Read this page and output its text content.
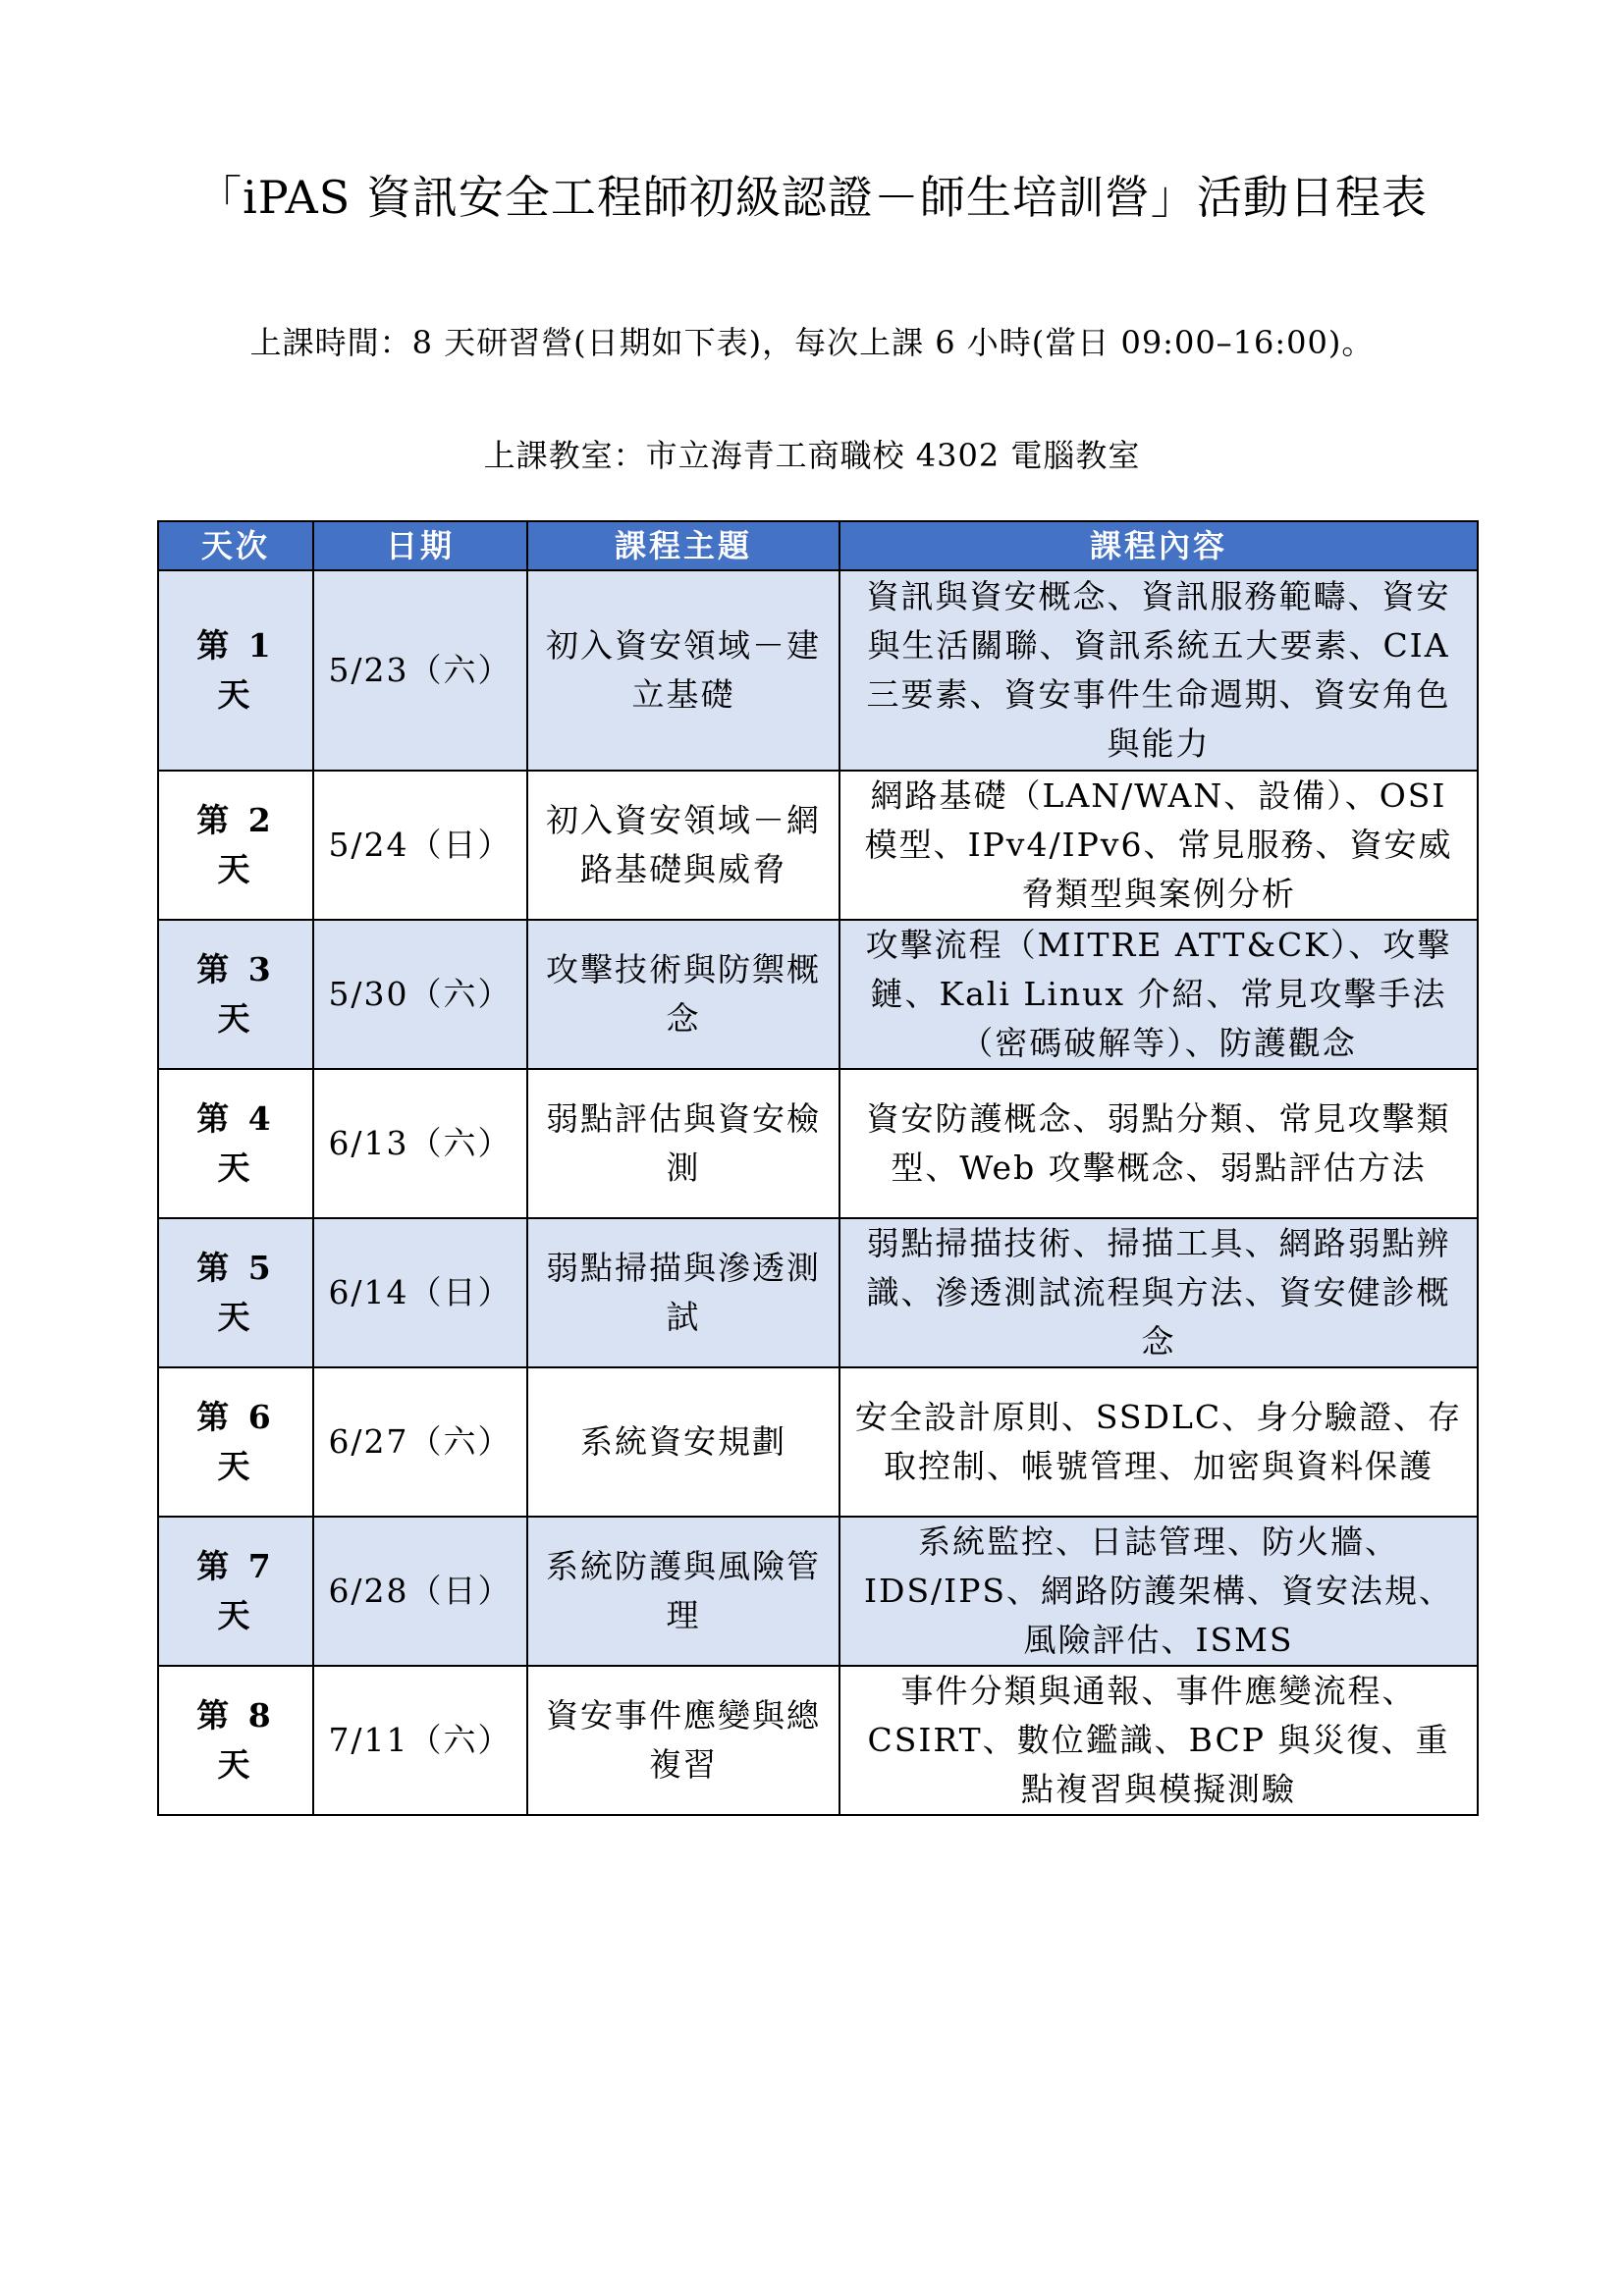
「iPAS 資訊安全工程師初級認證－師生培訓營」活動日程表
上課時間：8 天研習營(日期如下表)，每次上課 6 小時(當日 09:00–16:00)。
上課教室：市立海青工商職校 4302 電腦教室
天次	日期	課程主題	課程內容
第 1 天	5/23（六）	初入資安領域－建立基礎	資訊與資安概念、資訊服務範疇、資安與生活關聯、資訊系統五大要素、CIA 三要素、資安事件生命週期、資安角色與能力
第 2 天	5/24（日）	初入資安領域－網路基礎與威脅	網路基礎（LAN/WAN、設備）、OSI 模型、IPv4/IPv6、常見服務、資安威脅類型與案例分析
第 3 天	5/30（六）	攻擊技術與防禦概念	攻擊流程（MITRE ATT&CK）、攻擊鏈、Kali Linux 介紹、常見攻擊手法（密碼破解等）、防護觀念
第 4 天	6/13（六）	弱點評估與資安檢測	資安防護概念、弱點分類、常見攻擊類型、Web 攻擊概念、弱點評估方法
第 5 天	6/14（日）	弱點掃描與滲透測試	弱點掃描技術、掃描工具、網路弱點辨識、滲透測試流程與方法、資安健診概念
第 6 天	6/27（六）	系統資安規劃	安全設計原則、SSDLC、身分驗證、存取控制、帳號管理、加密與資料保護
第 7 天	6/28（日）	系統防護與風險管理	系統監控、日誌管理、防火牆、IDS/IPS、網路防護架構、資安法規、風險評估、ISMS
第 8 天	7/11（六）	資安事件應變與總複習	事件分類與通報、事件應變流程、CSIRT、數位鑑識、BCP 與災復、重點複習與模擬測驗
